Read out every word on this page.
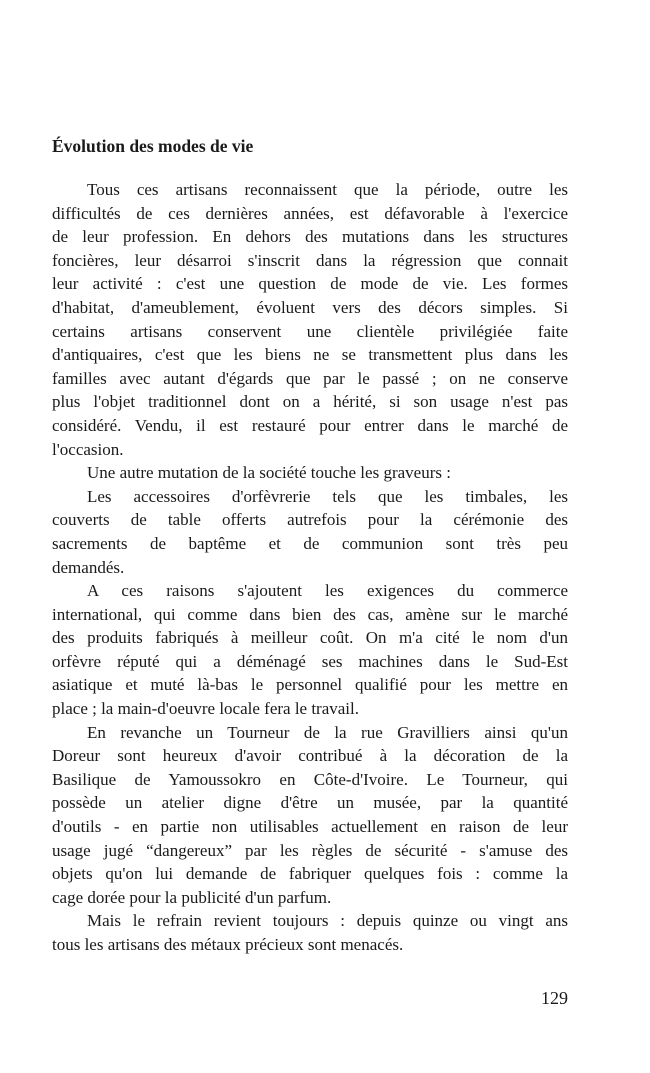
Évolution des modes de vie
Tous ces artisans reconnaissent que la période, outre les
difficultés de ces dernières années, est défavorable à l'exercice
de leur profession. En dehors des mutations dans les structures
foncières, leur désarroi s'inscrit dans la régression que connait
leur activité : c'est une question de mode de vie. Les formes
d'habitat, d'ameublement, évoluent vers des décors simples. Si
certains artisans conservent une clientèle privilégiée faite
d'antiquaires, c'est que les biens ne se transmettent plus dans les
familles avec autant d'égards que par le passé ; on ne conserve
plus l'objet traditionnel dont on a hérité, si son usage n'est pas
considéré. Vendu, il est restauré pour entrer dans le marché de
l'occasion.
Une autre mutation de la société touche les graveurs :
Les accessoires d'orfèvrerie tels que les timbales, les
couverts de table offerts autrefois pour la cérémonie des
sacrements de baptême et de communion sont très peu
demandés.
A ces raisons s'ajoutent les exigences du commerce
international, qui comme dans bien des cas, amène sur le marché
des produits fabriqués à meilleur coût. On m'a cité le nom d'un
orfèvre réputé qui a déménagé ses machines dans le Sud-Est
asiatique et muté là-bas le personnel qualifié pour les mettre en
place ; la main-d'oeuvre locale fera le travail.
En revanche un Tourneur de la rue Gravilliers ainsi qu'un
Doreur sont heureux d'avoir contribué à la décoration de la
Basilique de Yamoussokro en Côte-d'Ivoire. Le Tourneur, qui
possède un atelier digne d'être un musée, par la quantité
d'outils - en partie non utilisables actuellement en raison de leur
usage jugé “dangereux” par les règles de sécurité - s'amuse des
objets qu'on lui demande de fabriquer quelques fois : comme la
cage dorée pour la publicité d'un parfum.
Mais le refrain revient toujours : depuis quinze ou vingt ans
tous les artisans des métaux précieux sont menacés.
129
